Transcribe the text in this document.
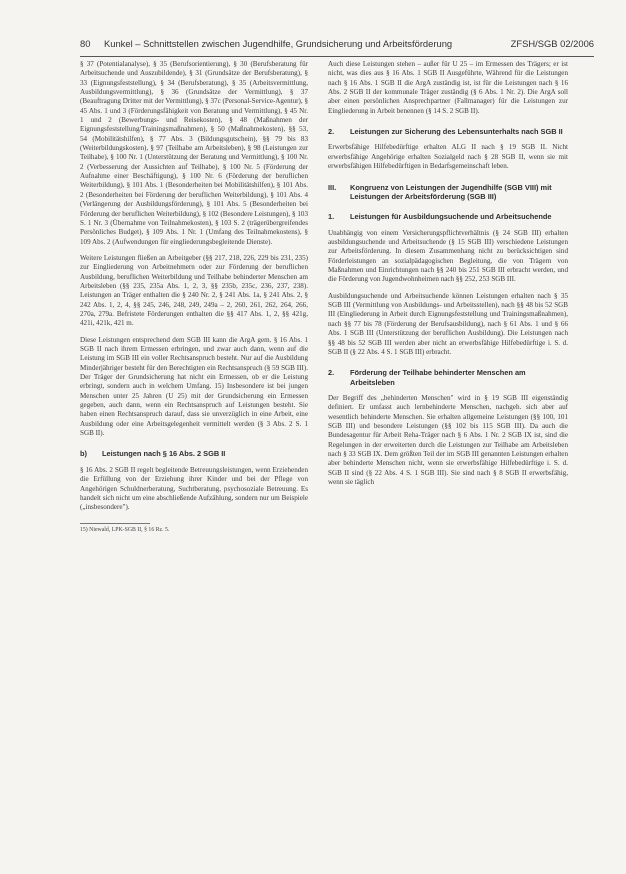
80 Kunkel – Schnittstellen zwischen Jugendhilfe, Grundsicherung und Arbeitsförderung	ZFSH/SGB 02/2006

§ 37 (Potentialanalyse), § 35 (Berufsorientierung), § 30 (Berufsberatung für Arbeitsuchende und Auszubildende), § 31 (Grundsätze der Berufsberatung), § 33 (Eignungsfeststellung), § 34 (Berufsberatung), § 35 (Arbeitsvermittlung, Ausbildungsvermittlung), § 36 (Grundsätze der Vermittlung), § 37 (Beauftragung Dritter mit der Vermittlung), § 37c (Personal-Service-Agentur), § 45 Abs. 1 und 3 (Förderungsfähigkeit von Beratung und Vermittlung), § 45 Nr. 1 und 2 (Bewerbungs- und Reisekosten), § 48 (Maßnahmen der Eignungsfeststellung/Trainingsmaßnahmen), § 50 (Maßnahmekosten), §§ 53, 54 (Mobilitätshilfen), § 77 Abs. 3 (Bildungsgutschein), §§ 79 bis 83 (Weiterbildungskosten), § 97 (Teilhabe am Arbeitsleben), § 98 (Leistungen zur Teilhabe), § 100 Nr. 1 (Unterstützung der Beratung und Vermittlung), § 100 Nr. 2 (Verbesserung der Aussichten auf Teilhabe), § 100 Nr. 5 (Förderung der Aufnahme einer Beschäftigung), § 100 Nr. 6 (Förderung der beruflichen Weiterbildung), § 101 Abs. 1 (Besonderheiten bei Mobilitätshilfen), § 101 Abs. 2 (Besonderheiten bei Förderung der beruflichen Weiterbildung), § 101 Abs. 4 (Verlängerung der Ausbildungsförderung), § 101 Abs. 5 (Besonderheiten bei Förderung der beruflichen Weiterbildung), § 102 (Besondere Leistungen), § 103 S. 1 Nr. 3 (Übernahme von Teilnahmekosten), § 103 S. 2 (trägerübergreifendes Persönliches Budget), § 109 Abs. 1 Nr. 1 (Umfang des Teilnahmekostens), § 109 Abs. 2 (Aufwendungen für eingliederungsbegleitende Dienste).

Weitere Leistungen fließen an Arbeitgeber (§§ 217, 218, 226, 229 bis 231, 235) zur Eingliederung von Arbeitnehmern oder zur Förderung der beruflichen Ausbildung, beruflichen Weiterbildung und Teilhabe behinderter Menschen am Arbeitsleben (§§ 235, 235a Abs. 1, 2, 3, §§ 235b, 235c, 236, 237, 238). Leistungen an Träger enthalten die § 240 Nr. 2, § 241 Abs. 1a, § 241 Abs. 2, § 242 Abs. 1, 2, 4, §§ 245, 246, 248, 249, 249a – 2, 260, 261, 262, 264, 266, 270a, 279a. Befristete Förderungen enthalten die §§ 417 Abs. 1, 2, §§ 421g, 421i, 421k, 421 m.

Diese Leistungen entsprechend dem SGB III kann die ArgA gem. § 16 Abs. 1 SGB II nach ihrem Ermessen erbringen, und zwar auch dann, wenn auf die Leistung im SGB III ein voller Rechtsanspruch besteht. Nur auf die Ausbildung Minderjähriger besteht für den Berechtigten ein Rechtsanspruch (§ 59 SGB III). Der Träger der Grundsicherung hat nicht ein Ermessen, ob er die Leistung erbringt, sondern auch in welchem Umfang. 15) Insbesondere ist bei jungen Menschen unter 25 Jahren (U 25) mit der Grundsicherung ein Ermessen gegeben, auch dann, wenn ein Rechtsanspruch auf Leistungen besteht. Sie haben einen Rechtsanspruch darauf, dass sie unverzüglich in eine Arbeit, eine Ausbildung oder eine Arbeitsgelegenheit vermittelt werden (§ 3 Abs. 2 S. 1 SGB II).

b)	Leistungen nach § 16 Abs. 2 SGB II

§ 16 Abs. 2 SGB II regelt begleitende Betreuungsleistungen, wenn Erziehenden die Erfüllung von der Erziehung ihrer Kinder und bei der Pflege von Angehörigen Schuldnerberatung, Suchtberatung, psychosoziale Betreuung. Es handelt sich nicht um eine abschließende Aufzählung, sondern nur um Beispiele („insbesondere").

15) Niewald, LPK-SGB II, § 16 Rz. 5.

Auch diese Leistungen stehen – außer für U 25 – im Ermessen des Trägers; er ist nicht, was dies aus § 16 Abs. 1 SGB II Ausgeführte, Während für die Leistungen nach § 16 Abs. 1 SGB II die ArgA zuständig ist, ist für die Leistungen nach § 16 Abs. 2 SGB II der kommunale Träger zuständig (§ 6 Abs. 1 Nr. 2). Die ArgA soll aber einen persönlichen Ansprechpartner (Fallmanager) für die Leistungen zur Eingliederung in Arbeit benennen (§ 14 S. 2 SGB II).

2.	Leistungen zur Sicherung des Lebensunterhalts nach SGB II

Erwerbsfähige Hilfebedürftige erhalten ALG II nach § 19 SGB II. Nicht erwerbsfähige Angehörige erhalten Sozialgeld nach § 28 SGB II, wenn sie mit erwerbsfähigen Hilfebedürftigen in Bedarfsgemeinschaft leben.

III.	Kongruenz von Leistungen der Jugendhilfe (SGB VIII) mit Leistungen der Arbeitsförderung (SGB III)
1.	Leistungen für Ausbildungsuchende und Arbeitsuchende

Unabhängig von einem Versicherungspflichtverhältnis (§ 24 SGB III) erhalten ausbildungsuchende und Arbeitsuchende (§ 15 SGB III) verschiedene Leistungen zur Arbeitsförderung. In diesem Zusammenhang nicht zu berücksichtigen sind Förderleistungen an sozialpädagogischen Begleitung, die von Trägern von Maßnahmen und Einrichtungen nach §§ 240 bis 251 SGB III erbracht werden, und die Förderung von Jugendwohnheimen nach §§ 252, 253 SGB III.

Ausbildungsuchende und Arbeitsuchende können Leistungen erhalten nach § 35 SGB III (Vermittlung von Ausbildungs- und Arbeitsstellen), nach §§ 48 bis 52 SGB III (Eingliederung in Arbeit durch Eignungsfeststellung und Trainingsmaßnahmen), nach §§ 77 bis 78 (Förderung der Berufsausbildung), nach § 61 Abs. 1 und § 66 Abs. 1 SGB III (Unterstützung der beruflichen Ausbildung). Die Leistungen nach §§ 48 bis 52 SGB III werden aber nicht an erwerbsfähige Hilfebedürftige i. S. d. SGB II (§ 22 Abs. 4 S. 1 SGB III) erbracht.

2.	Förderung der Teilhabe behinderter Menschen am Arbeitsleben

Der Begriff des „behinderten Menschen" wird in § 19 SGB III eigenständig definiert. Er umfasst auch lernbehinderte Menschen, nachgeh. sich aber auf wesentlich behinderte Menschen. Sie erhalten allgemeine Leistungen (§§ 100, 101 SGB III) und besondere Leistungen (§§ 102 bis 115 SGB III). Da auch die Bundesagentur für Arbeit Reha-Träger nach § 6 Abs. 1 Nr. 2 SGB IX ist, sind die Regelungen in der erweiterten durch die Leistungen zur Teilhabe am Arbeitsleben nach § 33 SGB IX. Dem größten Teil der im SGB III genannten Leistungen erhalten aber behinderte Menschen nicht, wenn sie erwerbsfähige Hilfebedürftige i. S. d. SGB II sind (§ 22 Abs. 4 S. 1 SGB III). Sie sind nach § 8 SGB II erwerbsfähig, wenn sie täglich
